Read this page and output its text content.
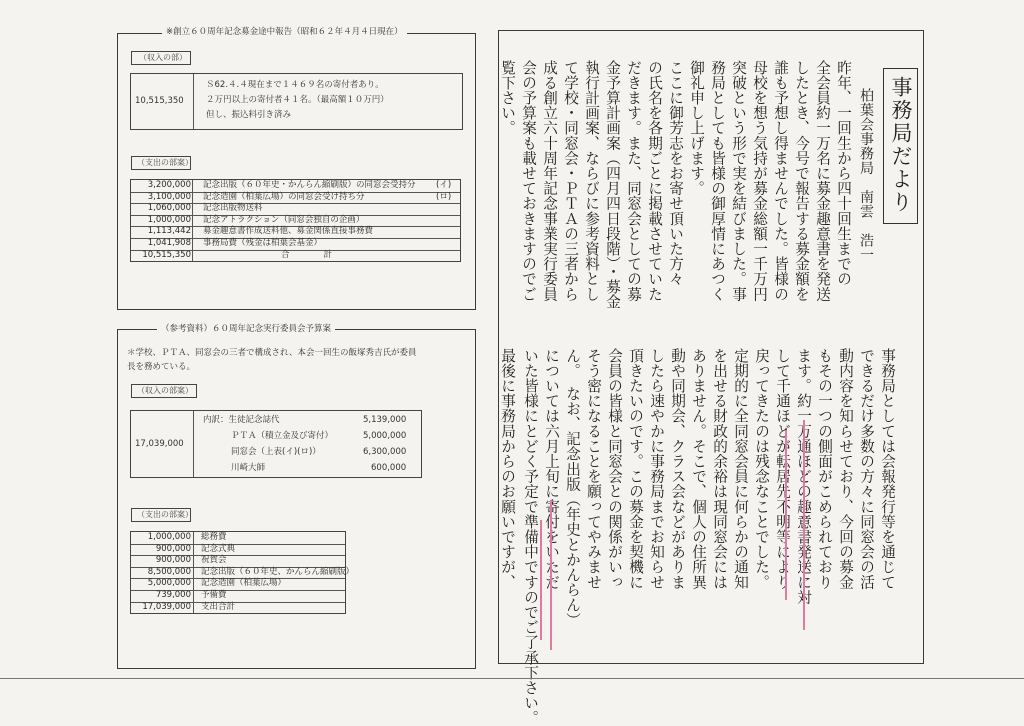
※創立６０周年記念募金途中報告（昭和６２年４月４日現在）
（収入の部）
10,515,350
Ｓ62.４.４現在まで１４６９名の寄付者あり。
２万円以上の寄付者４１名。（最高額１０万円）
但し、振込料引き済み
（支出の部案）
3,200,000 記念出版（６０年史・かんらん縮刷版）の同窓会受持分 (イ)
3,100,000 記念造園（柏葉広場）の同窓会受け持ち分	(ロ)
1,060,000 記念出版物送料
1,000,000 記念アトラクション（同窓会独自の企画）
1,113,442 募金趣意書作成送料他、募金関係直接事務費
1,041,908 事務局費（残金は柏葉会基金）
10,515,350	合　　　　計
（参考資料）６０周年記念実行委員会予算案
＊学校、ＰＴＡ、同窓会の三者で構成され、本会一回生の飯塚秀吉氏が委員
長を務めている。
（収入の部案）
17,039,000
内訳：生徒記念誌代	5,139,000
ＰＴＡ（積立金及び寄付）	5,000,000
同窓会（上表(イ)(ロ)）	6,300,000
川崎大師	600,000
（支出の部案）
1,000,000 総務費
900,000 記念式典
900,000 祝賀会
8,500,000 記念出版（６０年史、かんらん縮刷版）
5,000,000 記念造園（柏葉広場）
739,000 予備費
17,039,000 支出合計
事務局だより
柏葉会事務局　南雲　浩一
昨年、一回生から四十回生までの
全会員約一万名に募金趣意書を発送
したとき、今号で報告する募金額を
誰も予想し得ませんでした。皆様の
母校を想う気持が募金総額一千万円
突破という形で実を結びました。事
務局としても皆様の御厚情にあつく
御礼申し上げます。
ここに御芳志をお寄せ頂いた方々
の氏名を各期ごとに掲載させていた
だきます。また、同窓会としての募
金予算計画案（四月四日段階）・募金
執行計画案、ならびに参考資料とし
て学校・同窓会・ＰＴＡの三者から
成る創立六十周年記念事業実行委員
会の予算案も載せておきますのでご
覧下さい。
最後に事務局からのお願いですが、	事務局としては会報発行等を通じて
できるだけ多数の方々に同窓会の活
動内容を知らせており、今回の募金
もその一つの側面がこめられており
ます。約一万通ほどの趣意書発送に対
して千通ほどが転居先不明等により
戻ってきたのは残念なことでした。
定期的に全同窓会員に何らかの通知
を出せる財政的余裕は現同窓会には
ありません。そこで、個人の住所異
動や同期会、クラス会などがありま
したら速やかに事務局までお知らせ
頂きたいのです。この募金を契機に
会員の皆様と同窓会との関係がいっ
そう密になることを願ってやみませ
ん。　なお、記念出版（年史とかんらん）
については六月上旬に寄付をいただ
いた皆様にとどく予定で準備中ですのでご了承下さい。
